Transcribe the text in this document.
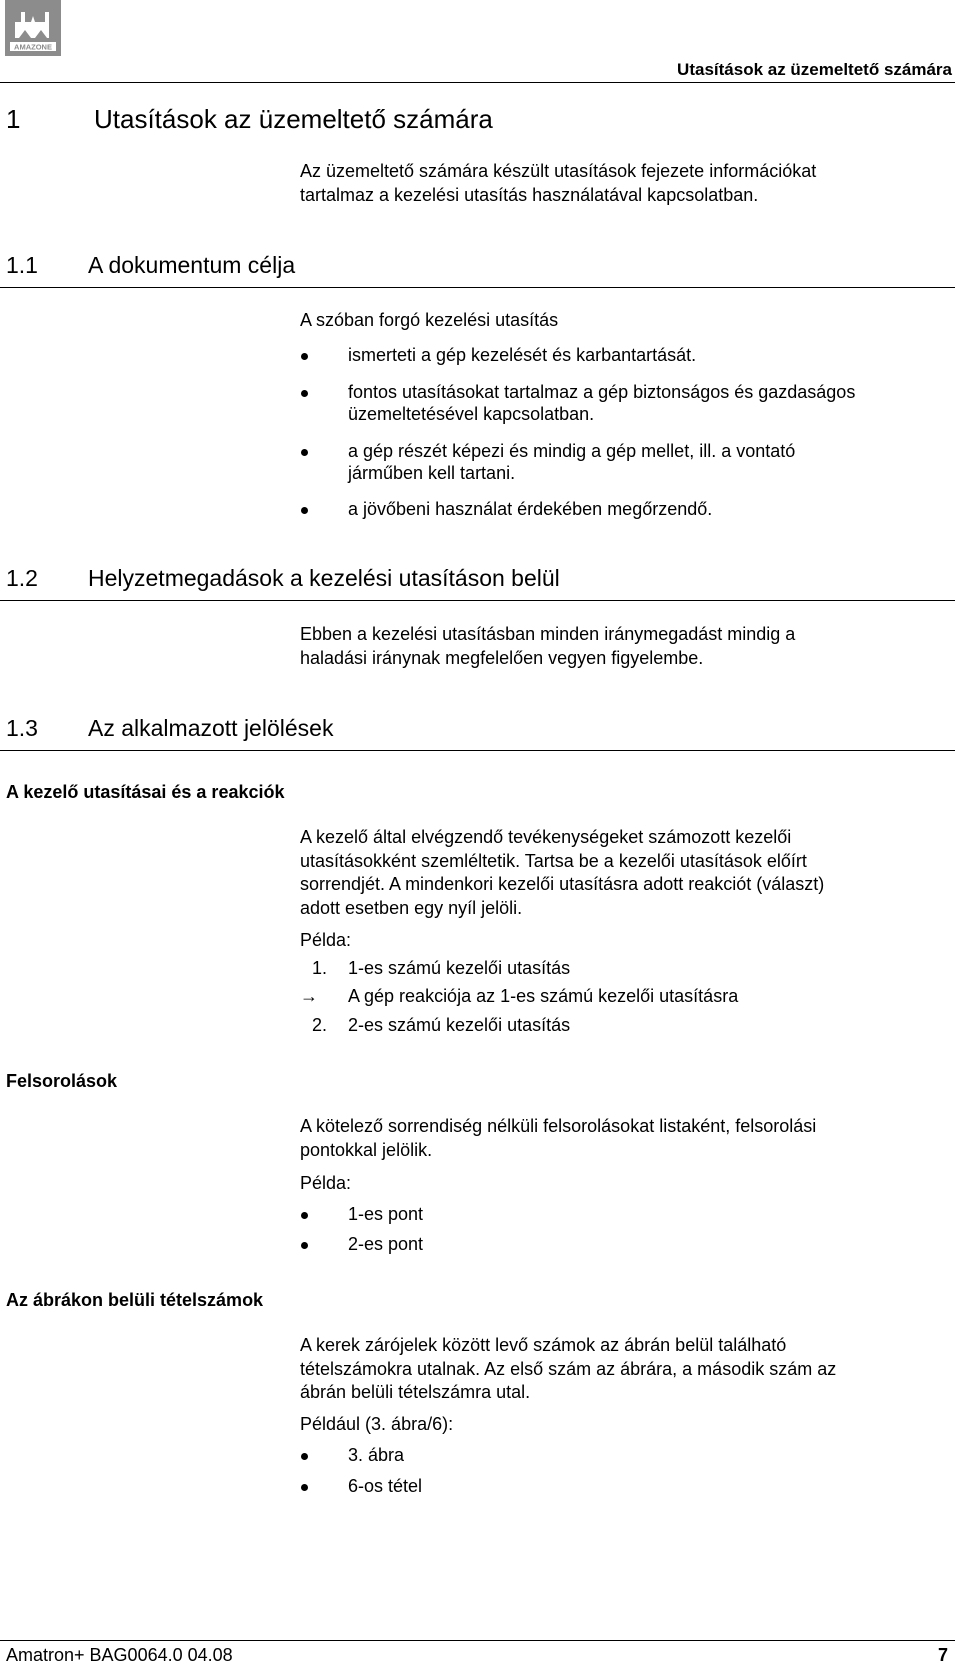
AMAZONE
Utasítások az üzemeltető számára
1	Utasítások az üzemeltető számára
Az üzemeltető számára készült utasítások fejezete információkat
tartalmaz a kezelési utasítás használatával kapcsolatban.
1.1 A dokumentum célja
A szóban forgó kezelési utasítás
ismerteti a gép kezelését és karbantartását.
fontos utasításokat tartalmaz a gép biztonságos és gazdaságos
üzemeltetésével kapcsolatban.
a gép részét képezi és mindig a gép mellet, ill. a vontató
járműben kell tartani.
a jövőbeni használat érdekében megőrzendő.
1.2 Helyzetmegadások a kezelési utasításon belül
Ebben a kezelési utasításban minden iránymegadást mindig a
haladási iránynak megfelelően vegyen figyelembe.
1.3 Az alkalmazott jelölések
A kezelő utasításai és a reakciók
A kezelő által elvégzendő tevékenységeket számozott kezelői
utasításokként szemléltetik. Tartsa be a kezelői utasítások előírt
sorrendjét. A mindenkori kezelői utasításra adott reakciót (választ)
adott esetben egy nyíl jelöli.
Példa:
1.	1-es számú kezelői utasítás
→	A gép reakciója az 1-es számú kezelői utasításra
2.	2-es számú kezelői utasítás
Felsorolások
A kötelező sorrendiség nélküli felsorolásokat listaként, felsorolási
pontokkal jelölik.
Példa:
1-es pont
2-es pont
Az ábrákon belüli tételszámok
A kerek zárójelek között levő számok az ábrán belül található
tételszámokra utalnak. Az első szám az ábrára, a második szám az
ábrán belüli tételszámra utal.
Például (3. ábra/6):
3. ábra
6-os tétel
Amatron+ BAG0064.0 04.08	7
